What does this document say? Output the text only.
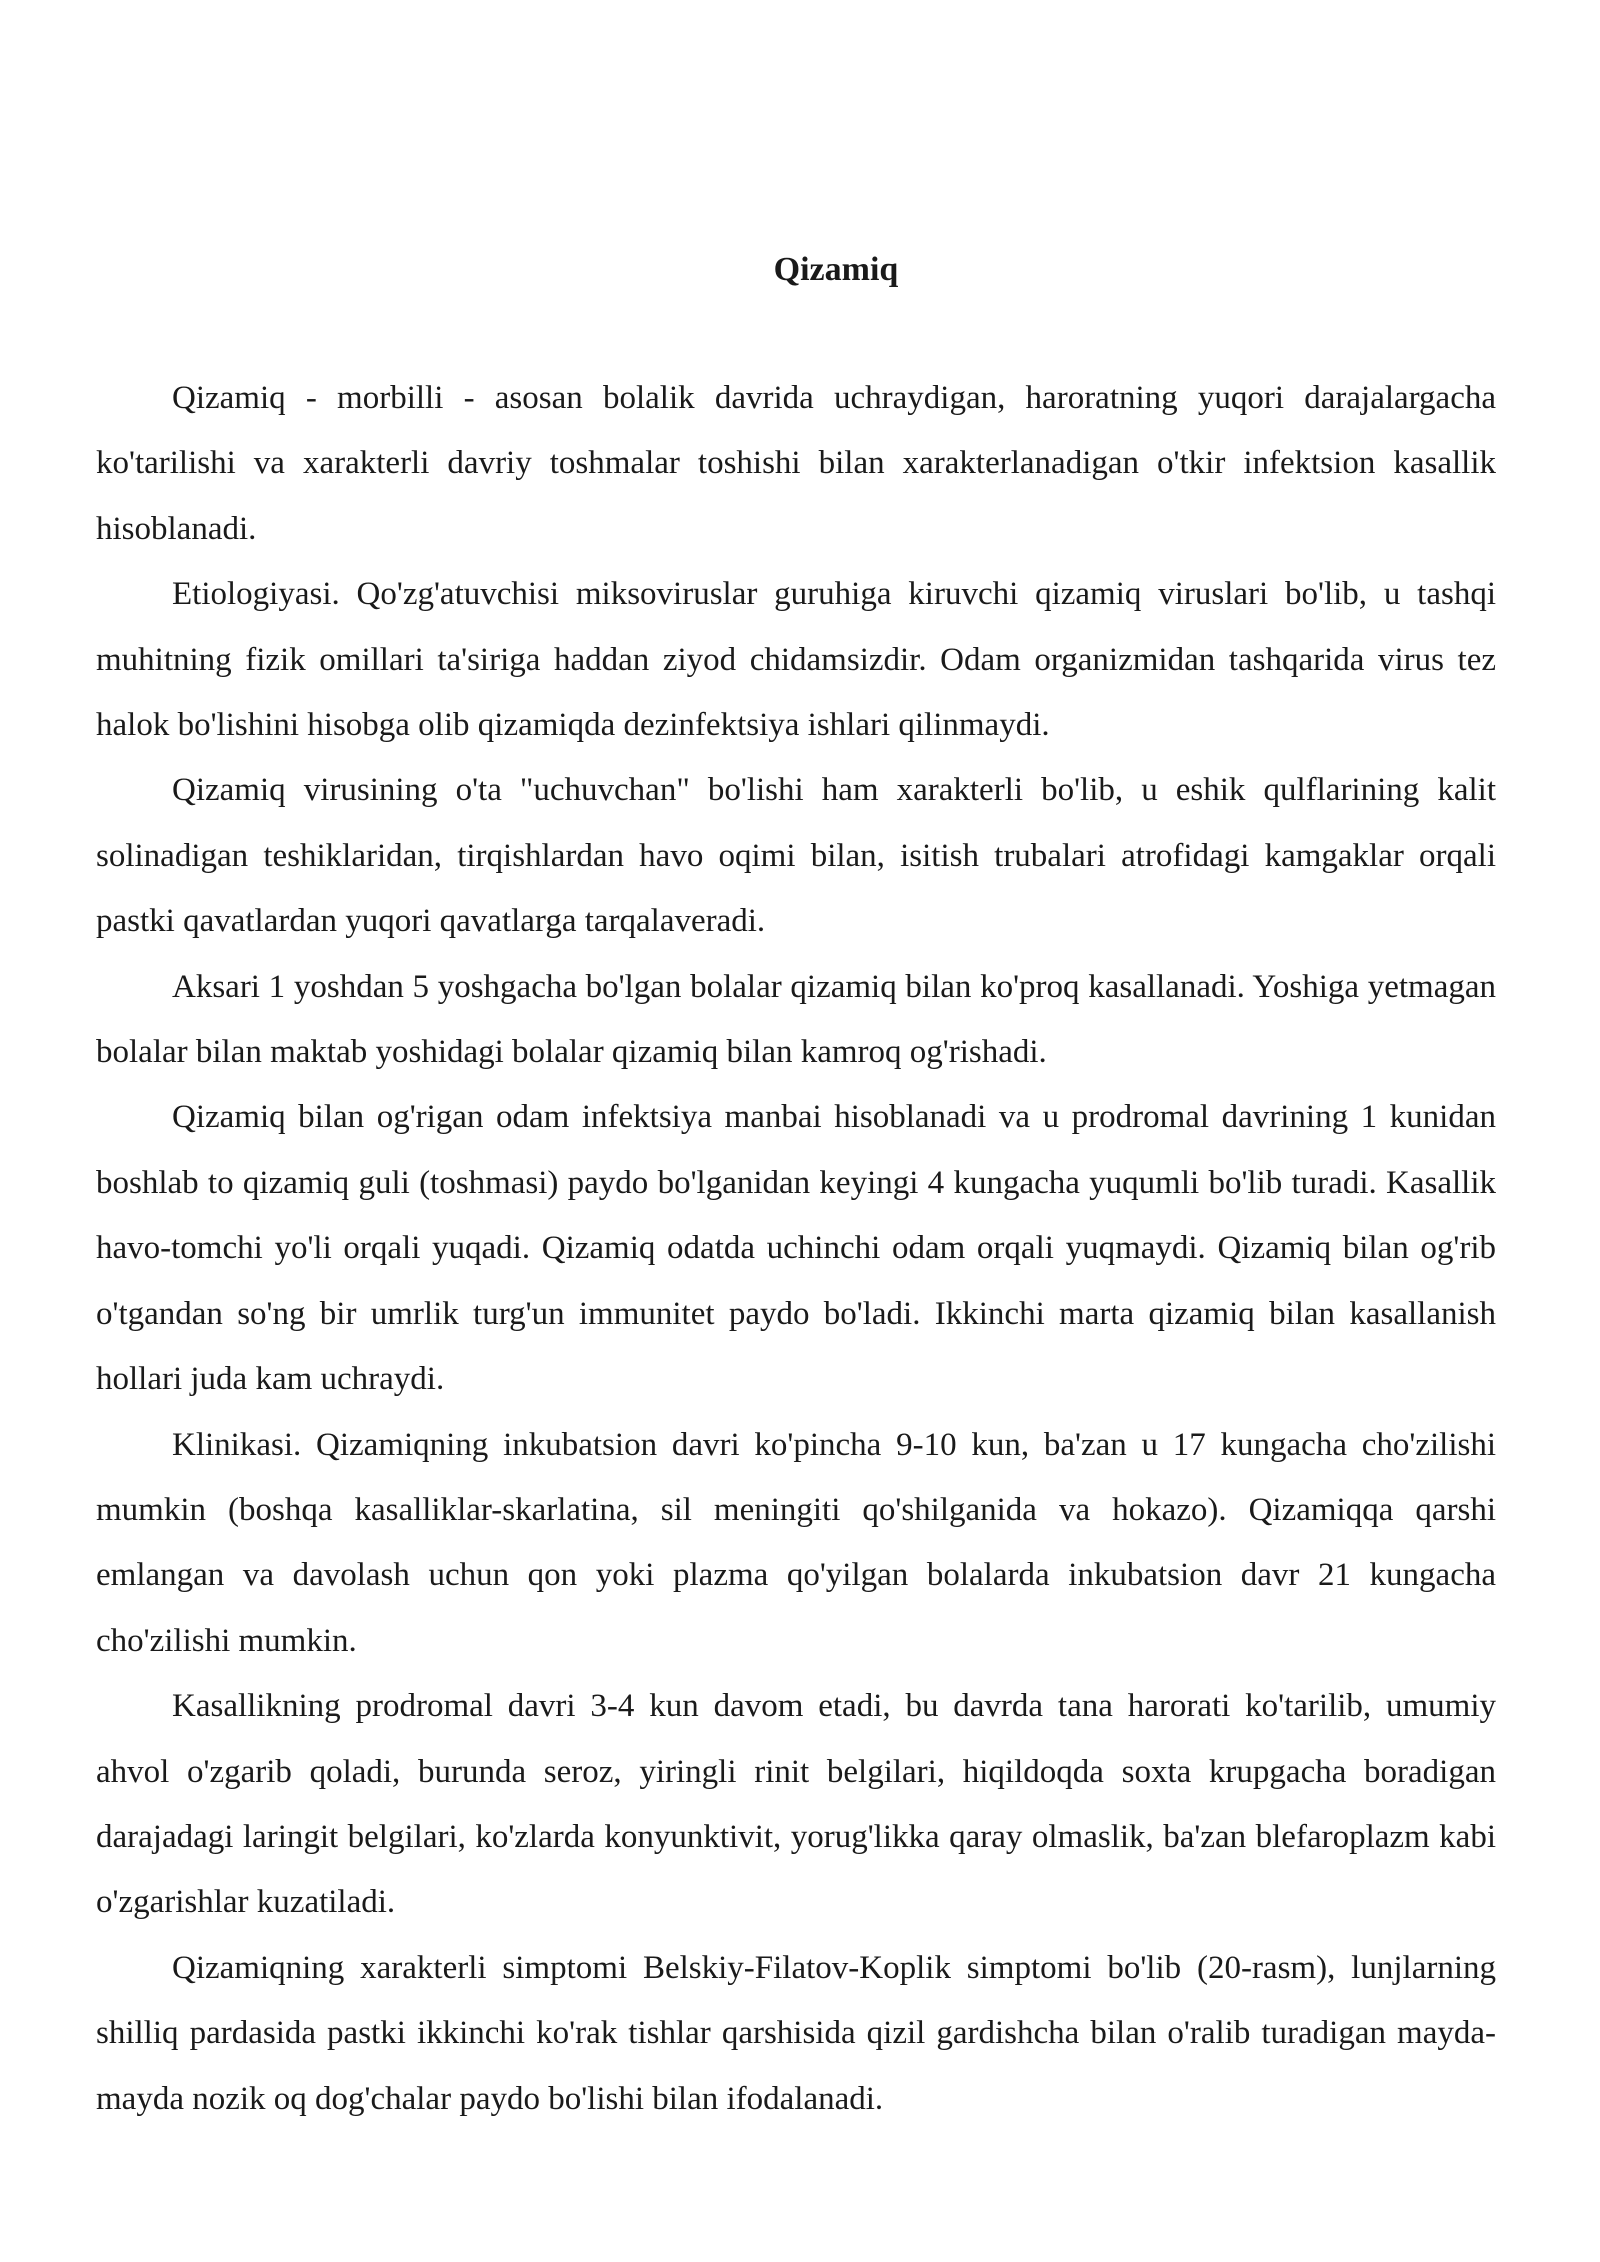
Qizamiq

Qizamiq - morbilli - asosan bolalik davrida uchraydigan, haroratning yuqori darajalargacha ko'tarilishi va xarakterli davriy toshmalar toshishi bilan xarakterlanadigan o'tkir infektsion kasallik hisoblanadi.

Etiologiyasi. Qo'zg'atuvchisi miksoviruslar guruhiga kiruvchi qizamiq viruslari bo'lib, u tashqi muhitning fizik omillari ta'siriga haddan ziyod chidamsizdir. Odam organizmidan tashqarida virus tez halok bo'lishini hisobga olib qizamiqda dezinfektsiya ishlari qilinmaydi.

Qizamiq virusining o'ta "uchuvchan" bo'lishi ham xarakterli bo'lib, u eshik qulflarining kalit solinadigan teshiklaridan, tirqishlardan havo oqimi bilan, isitish trubalari atrofidagi kamgaklar orqali pastki qavatlardan yuqori qavatlarga tarqalaveradi.

Aksari 1 yoshdan 5 yoshgacha bo'lgan bolalar qizamiq bilan ko'proq kasallanadi. Yoshiga yetmagan bolalar bilan maktab yoshidagi bolalar qizamiq bilan kamroq og'rishadi.

Qizamiq bilan og'rigan odam infektsiya manbai hisoblanadi va u prodromal davrining 1 kunidan boshlab to qizamiq guli (toshmasi) paydo bo'lganidan keyingi 4 kungacha yuqumli bo'lib turadi. Kasallik havo-tomchi yo'li orqali yuqadi. Qizamiq odatda uchinchi odam orqali yuqmaydi. Qizamiq bilan og'rib o'tgandan so'ng bir umrlik turg'un immunitet paydo bo'ladi. Ikkinchi marta qizamiq bilan kasallanish hollari juda kam uchraydi.

Klinikasi. Qizamiqning inkubatsion davri ko'pincha 9-10 kun, ba'zan u 17 kungacha cho'zilishi mumkin (boshqa kasalliklar-skarlatina, sil meningiti qo'shilganida va hokazo). Qizamiqqa qarshi emlangan va davolash uchun qon yoki plazma qo'yilgan bolalarda inkubatsion davr 21 kungacha cho'zilishi mumkin.

Kasallikning prodromal davri 3-4 kun davom etadi, bu davrda tana harorati ko'tarilib, umumiy ahvol o'zgarib qoladi, burunda seroz, yiringli rinit belgilari, hiqildoqda soxta krupgacha boradigan darajadagi laringit belgilari, ko'zlarda konyunktivit, yorug'likka qaray olmaslik, ba'zan blefaroplazm kabi o'zgarishlar kuzatiladi.

Qizamiqning xarakterli simptomi Belskiy-Filatov-Koplik simptomi bo'lib (20-rasm), lunjlarning shilliq pardasida pastki ikkinchi ko'rak tishlar qarshisida qizil gardishcha bilan o'ralib turadigan mayda-mayda nozik oq dog'chalar paydo bo'lishi bilan ifodalanadi.
